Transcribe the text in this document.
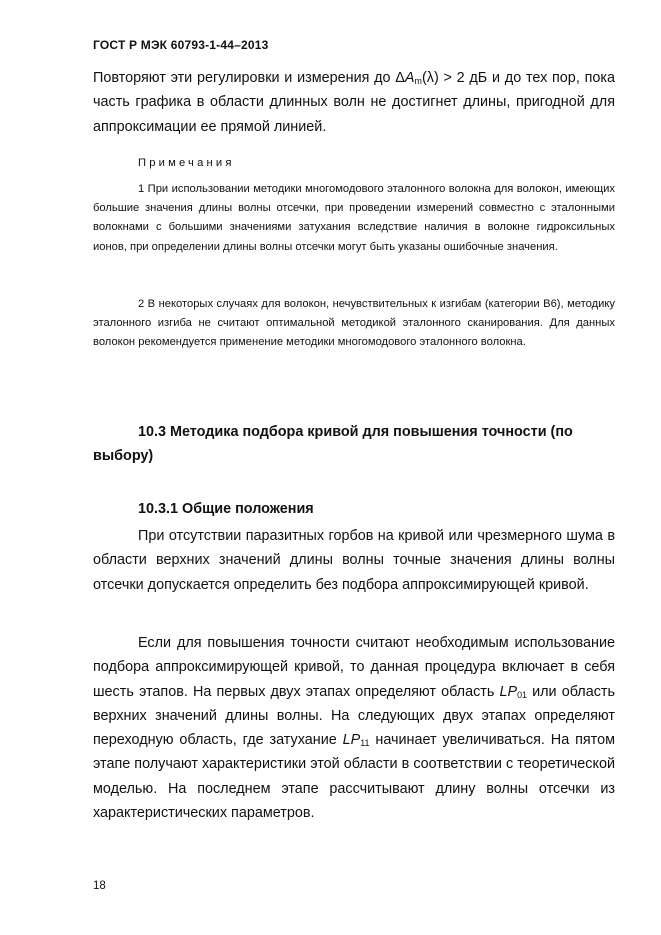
ГОСТ Р МЭК 60793-1-44–2013
Повторяют эти регулировки и измерения до $\Delta A_m(\lambda) > 2$ дБ и до тех пор, пока часть графика в области длинных волн не достигнет длины, пригодной для аппроксимации ее прямой линией.
Примечания

1 При использовании методики многомодового эталонного волокна для волокон, имеющих большие значения длины волны отсечки, при проведении измерений совместно с эталонными волокнами с большими значениями затухания вследствие наличия в волокне гидроксильных ионов, при определении длины волны отсечки могут быть указаны ошибочные значения.

2 В некоторых случаях для волокон, нечувствительных к изгибам (категории B6), методику эталонного изгиба не считают оптимальной методикой эталонного сканирования. Для данных волокон рекомендуется применение методики многомодового эталонного волокна.

10.3 Методика подбора кривой для повышения точности (по выбору)
10.3.1 Общие положения

При отсутствии паразитных горбов на кривой или чрезмерного шума в области верхних значений длины волны точные значения длины волны отсечки допускается определить без подбора аппроксимирующей кривой.

Если для повышения точности считают необходимым использование подбора аппроксимирующей кривой, то данная процедура включает в себя шесть этапов. На первых двух этапах определяют область $LP_{01}$ или область верхних значений длины волны. На следующих двух этапах определяют переходную область, где затухание $LP_{11}$ начинает увеличиваться. На пятом этапе получают характеристики этой области в соответствии с теоретической моделью. На последнем этапе рассчитывают длину волны отсечки из характеристических параметров.

18
